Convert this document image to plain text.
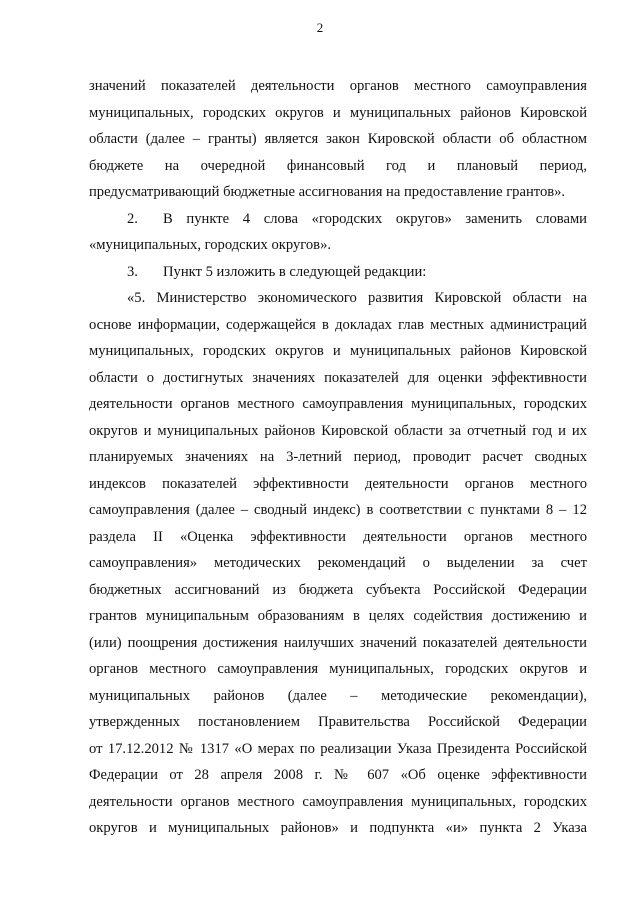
2
значений показателей деятельности органов местного самоуправления
муниципальных, городских округов и муниципальных районов Кировской
области (далее – гранты) является закон Кировской области об областном
бюджете на очередной финансовый год и плановый период,
предусматривающий бюджетные ассигнования на предоставление грантов».
2. В пункте 4 слова «городских округов» заменить словами
«муниципальных, городских округов».
3. Пункт 5 изложить в следующей редакции:
«5. Министерство экономического развития Кировской области на
основе информации, содержащейся в докладах глав местных администраций
муниципальных, городских округов и муниципальных районов Кировской
области о достигнутых значениях показателей для оценки эффективности
деятельности органов местного самоуправления муниципальных, городских
округов и муниципальных районов Кировской области за отчетный год и их
планируемых значениях на 3-летний период, проводит расчет сводных
индексов показателей эффективности деятельности органов местного
самоуправления (далее – сводный индекс) в соответствии с пунктами 8 – 12
раздела II «Оценка эффективности деятельности органов местного
самоуправления» методических рекомендаций о выделении за счет
бюджетных ассигнований из бюджета субъекта Российской Федерации
грантов муниципальным образованиям в целях содействия достижению и
(или) поощрения достижения наилучших значений показателей деятельности
органов местного самоуправления муниципальных, городских округов и
муниципальных районов (далее – методические рекомендации),
утвержденных постановлением Правительства Российской Федерации
от 17.12.2012 № 1317 «О мерах по реализации Указа Президента Российской
Федерации от 28 апреля 2008 г. № 607 «Об оценке эффективности
деятельности органов местного самоуправления муниципальных, городских
округов и муниципальных районов» и подпункта «и» пункта 2 Указа
